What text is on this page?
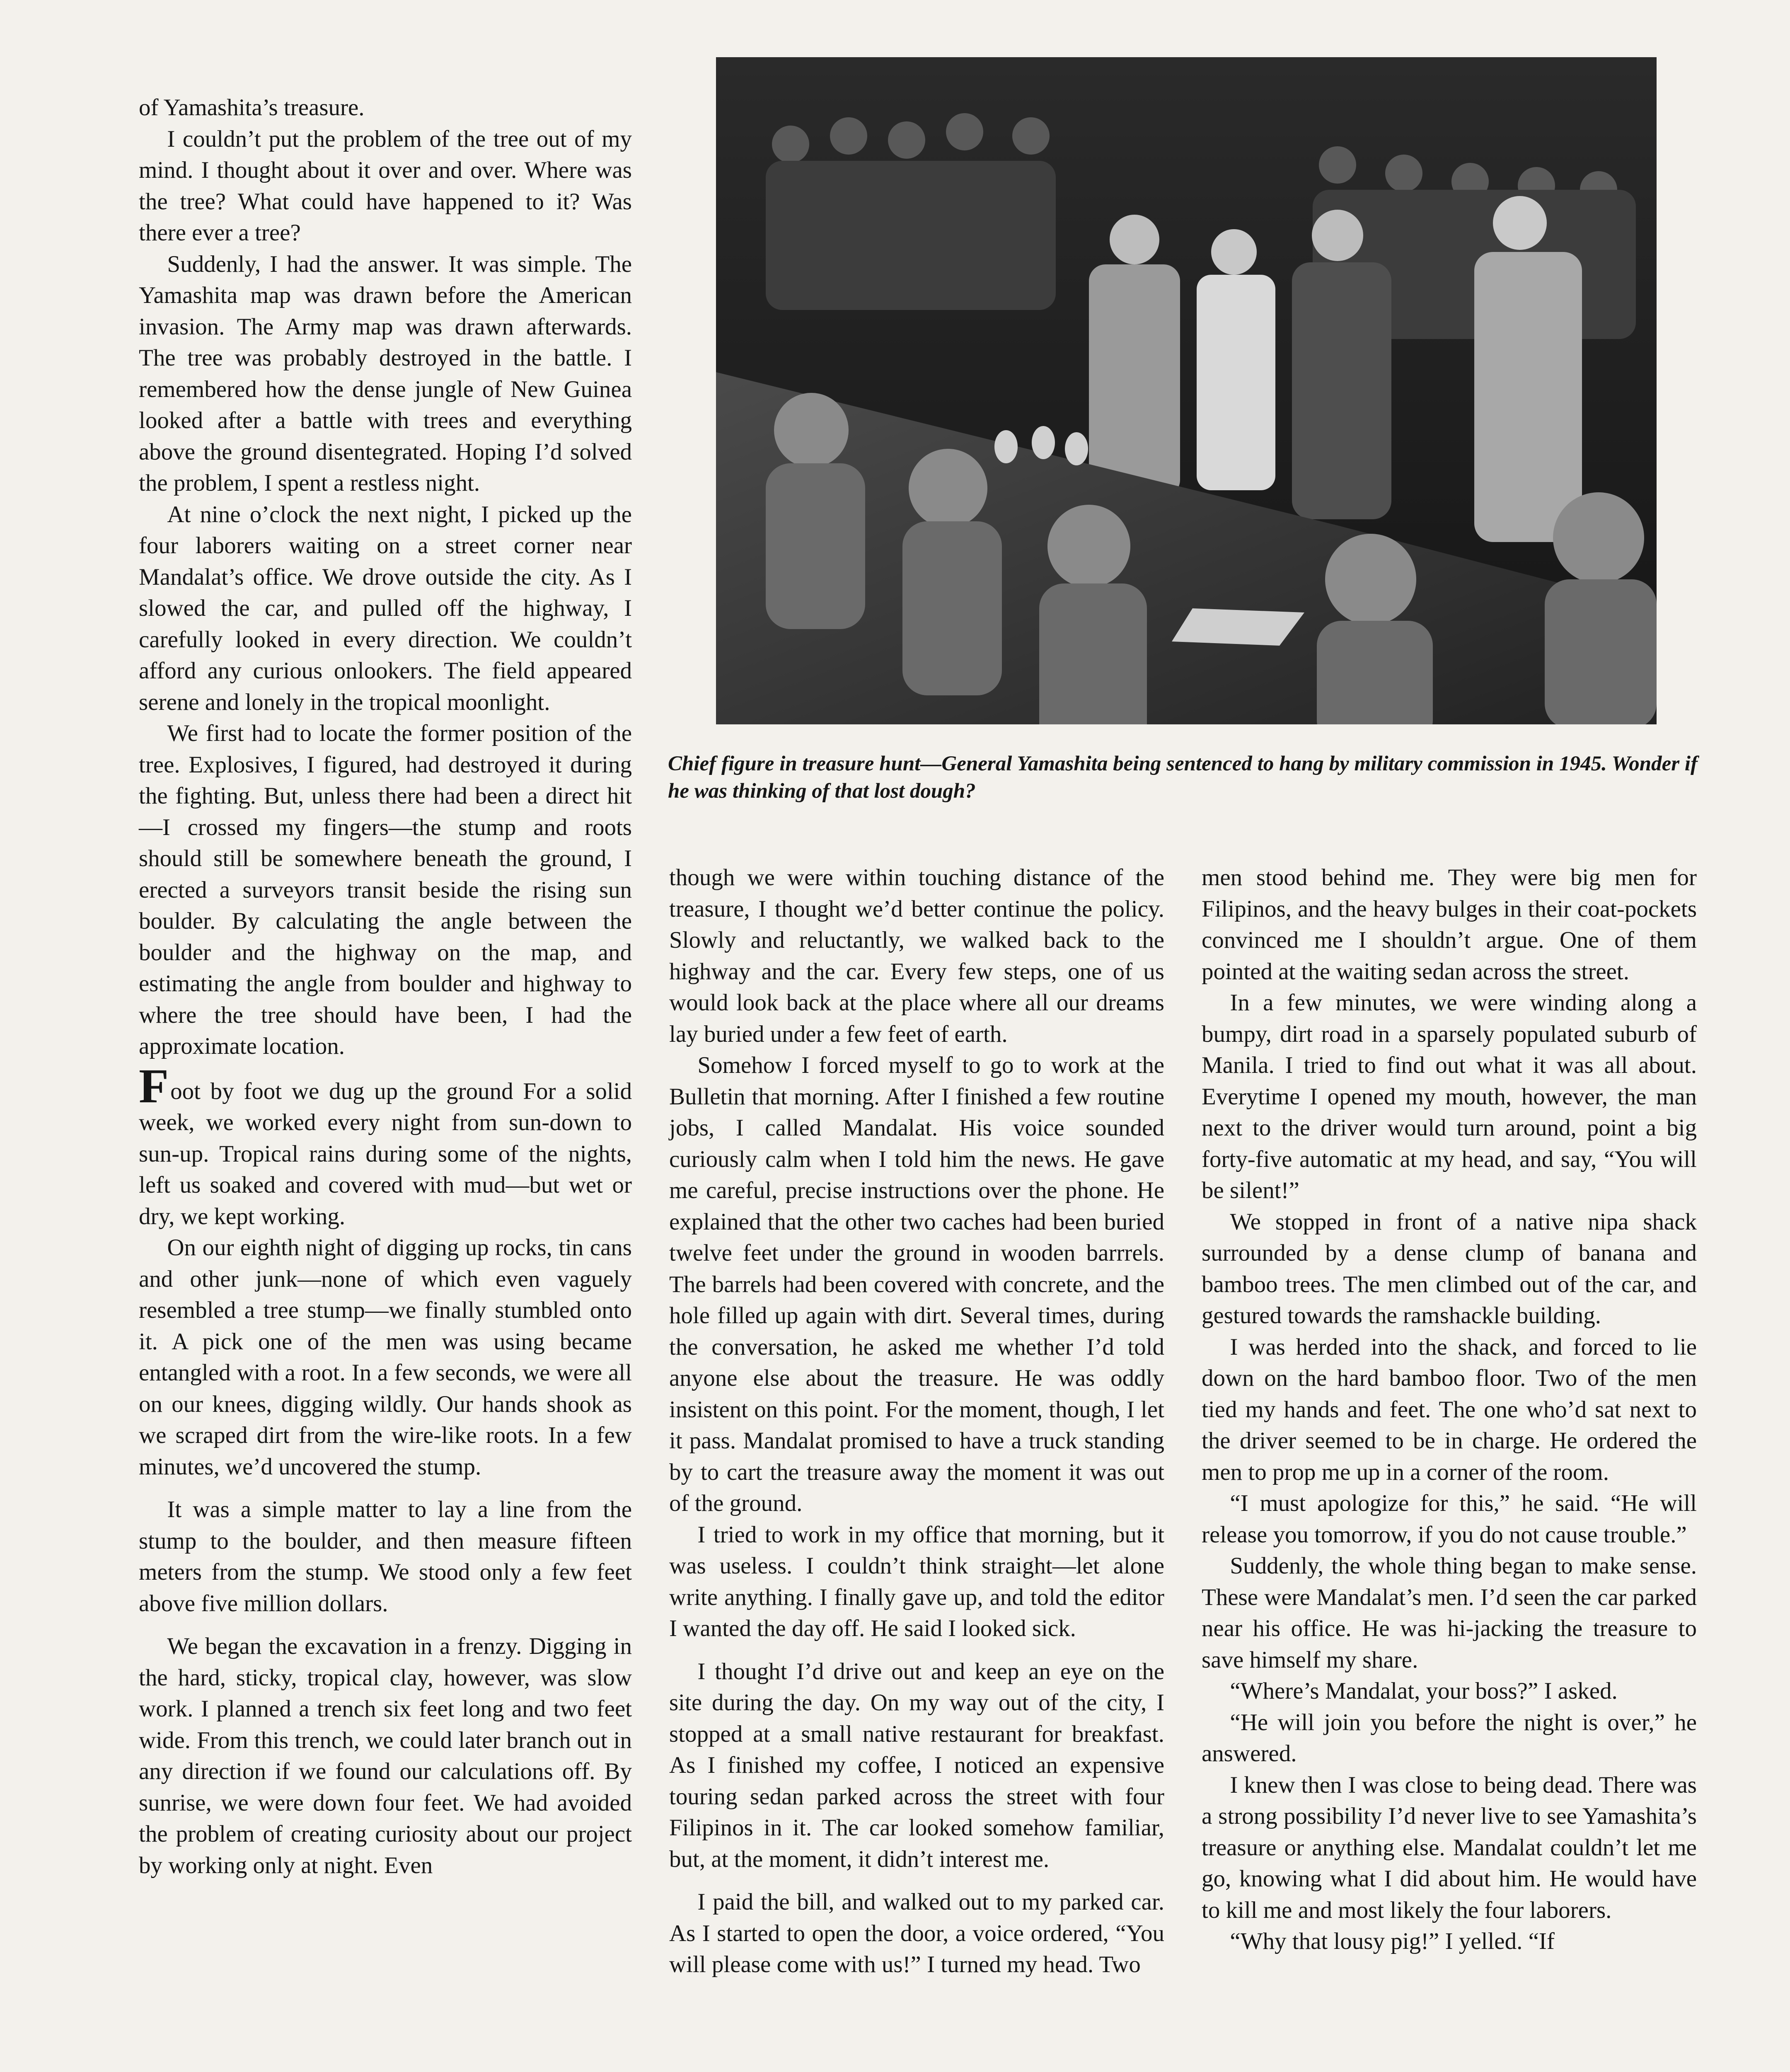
of Yamashita’s treasure.

I couldn’t put the problem of the tree out of my mind. I thought about it over and over. Where was the tree? What could have happened to it? Was there ever a tree?

Suddenly, I had the answer. It was simple. The Yamashita map was drawn before the American invasion. The Army map was drawn afterwards. The tree was probably destroyed in the battle. I remembered how the dense jungle of New Guinea looked after a battle with trees and everything above the ground disentegrated. Hoping I’d solved the problem, I spent a restless night.

At nine o’clock the next night, I picked up the four laborers waiting on a street corner near Mandalat’s office. We drove outside the city. As I slowed the car, and pulled off the highway, I carefully looked in every direction. We couldn’t afford any curious onlookers. The field appeared serene and lonely in the tropical moonlight.

We first had to locate the former position of the tree. Explosives, I figured, had destroyed it during the fighting. But, unless there had been a direct hit—I crossed my fingers—the stump and roots should still be somewhere beneath the ground, I erected a surveyors transit beside the rising sun boulder. By calculating the angle between the boulder and the highway on the map, and estimating the angle from boulder and highway to where the tree should have been, I had the approximate location.

Foot by foot we dug up the ground For a solid week, we worked every night from sun-down to sun-up. Tropical rains during some of the nights, left us soaked and covered with mud—but wet or dry, we kept working.

On our eighth night of digging up rocks, tin cans and other junk—none of which even vaguely resembled a tree stump—we finally stumbled onto it. A pick one of the men was using became entangled with a root. In a few seconds, we were all on our knees, digging wildly. Our hands shook as we scraped dirt from the wire-like roots. In a few minutes, we’d uncovered the stump.

It was a simple matter to lay a line from the stump to the boulder, and then measure fifteen meters from the stump. We stood only a few feet above five million dollars.

We began the excavation in a frenzy. Digging in the hard, sticky, tropical clay, however, was slow work. I planned a trench six feet long and two feet wide. From this trench, we could later branch out in any direction if we found our calculations off. By sunrise, we were down four feet. We had avoided the problem of creating curiosity about our project by working only at night. Even

Chief figure in treasure hunt—General Yamashita being sentenced to hang by military commission in 1945. Wonder if he was thinking of that lost dough?

though we were within touching distance of the treasure, I thought we’d better continue the policy. Slowly and reluctantly, we walked back to the highway and the car. Every few steps, one of us would look back at the place where all our dreams lay buried under a few feet of earth.

Somehow I forced myself to go to work at the Bulletin that morning. After I finished a few routine jobs, I called Mandalat. His voice sounded curiously calm when I told him the news. He gave me careful, precise instructions over the phone. He explained that the other two caches had been buried twelve feet under the ground in wooden barrrels. The barrels had been covered with concrete, and the hole filled up again with dirt. Several times, during the conversation, he asked me whether I’d told anyone else about the treasure. He was oddly insistent on this point. For the moment, though, I let it pass. Mandalat promised to have a truck standing by to cart the treasure away the moment it was out of the ground.

I tried to work in my office that morning, but it was useless. I couldn’t think straight—let alone write anything. I finally gave up, and told the editor I wanted the day off. He said I looked sick.

I thought I’d drive out and keep an eye on the site during the day. On my way out of the city, I stopped at a small native restaurant for breakfast. As I finished my coffee, I noticed an expensive touring sedan parked across the street with four Filipinos in it. The car looked somehow familiar, but, at the moment, it didn’t interest me.

I paid the bill, and walked out to my parked car. As I started to open the door, a voice ordered, “You will please come with us!” I turned my head. Two

men stood behind me. They were big men for Filipinos, and the heavy bulges in their coat-pockets convinced me I shouldn’t argue. One of them pointed at the waiting sedan across the street.

In a few minutes, we were winding along a bumpy, dirt road in a sparsely populated suburb of Manila. I tried to find out what it was all about. Everytime I opened my mouth, however, the man next to the driver would turn around, point a big forty-five automatic at my head, and say, “You will be silent!”

We stopped in front of a native nipa shack surrounded by a dense clump of banana and bamboo trees. The men climbed out of the car, and gestured towards the ramshackle building.

I was herded into the shack, and forced to lie down on the hard bamboo floor. Two of the men tied my hands and feet. The one who’d sat next to the driver seemed to be in charge. He ordered the men to prop me up in a corner of the room.

“I must apologize for this,” he said. “He will release you tomorrow, if you do not cause trouble.”

Suddenly, the whole thing began to make sense. These were Mandalat’s men. I’d seen the car parked near his office. He was hi-jacking the treasure to save himself my share.

“Where’s Mandalat, your boss?” I asked.

“He will join you before the night is over,” he answered.

I knew then I was close to being dead. There was a strong possibility I’d never live to see Yamashita’s treasure or anything else. Mandalat couldn’t let me go, knowing what I did about him. He would have to kill me and most likely the four laborers.

“Why that lousy pig!” I yelled. “If
